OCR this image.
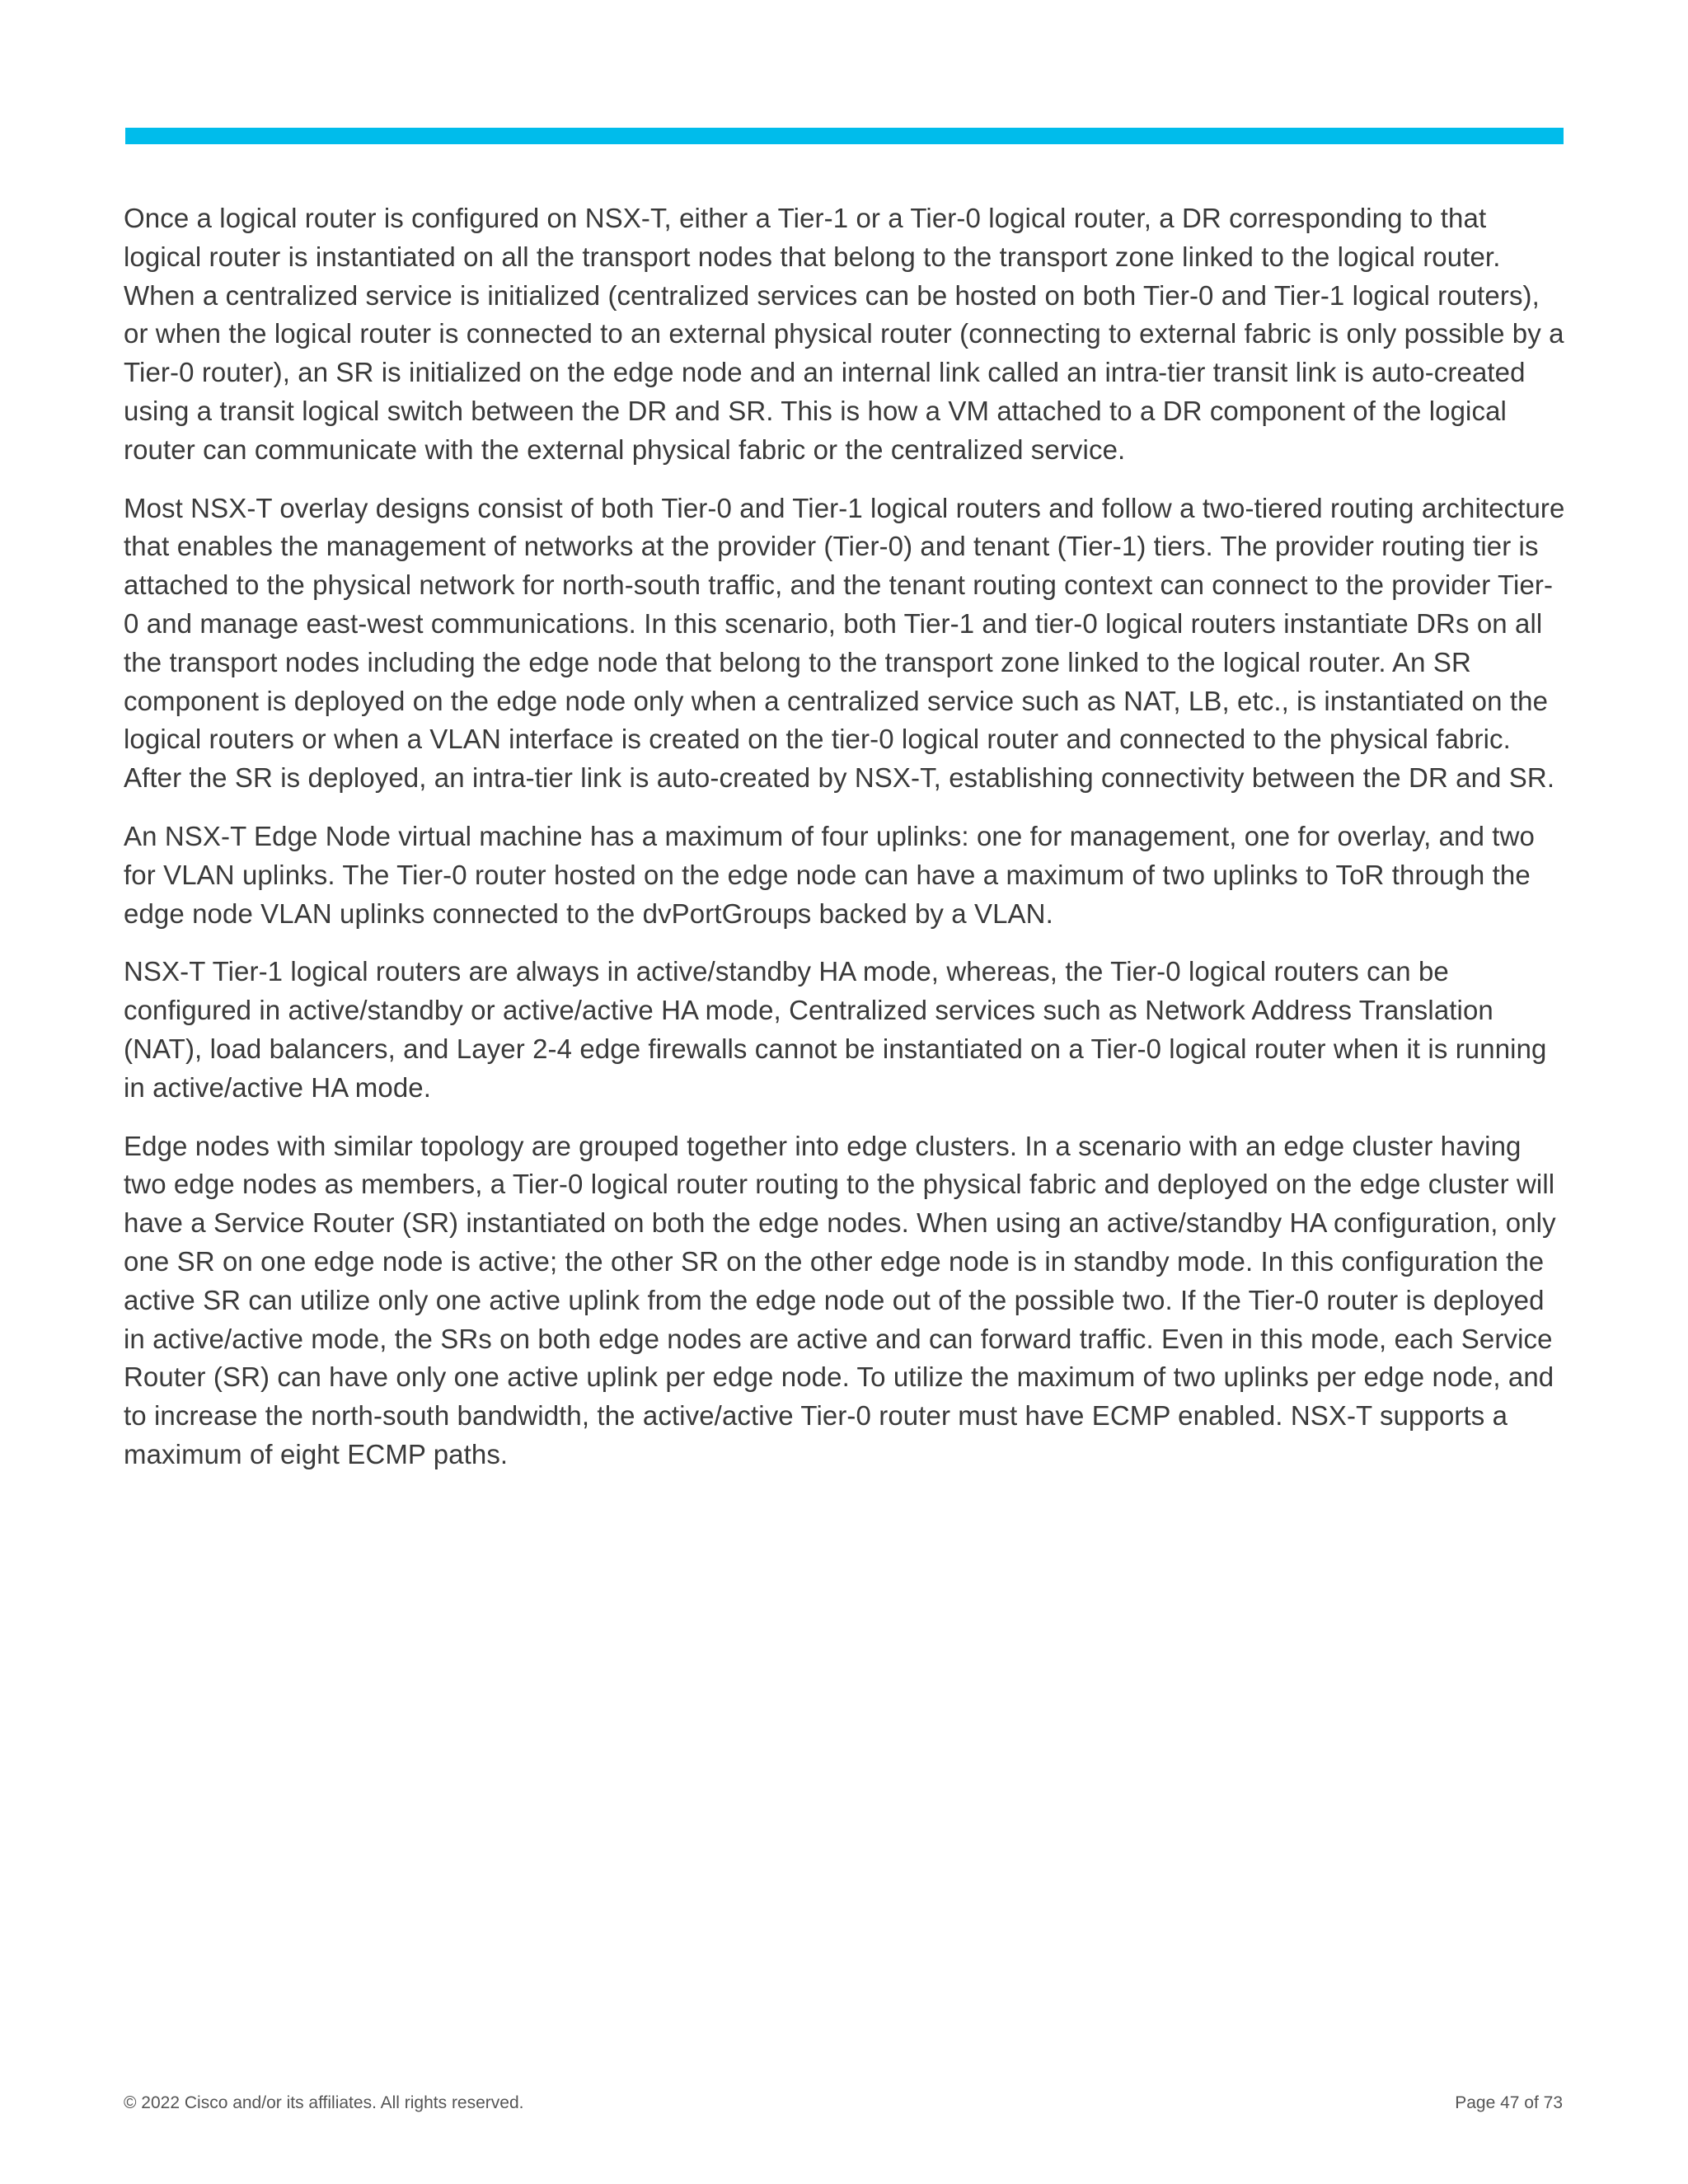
Once a logical router is configured on NSX-T, either a Tier-1 or a Tier-0 logical router, a DR corresponding to that logical router is instantiated on all the transport nodes that belong to the transport zone linked to the logical router. When a centralized service is initialized (centralized services can be hosted on both Tier-0 and Tier-1 logical routers), or when the logical router is connected to an external physical router (connecting to external fabric is only possible by a Tier-0 router), an SR is initialized on the edge node and an internal link called an intra-tier transit link is auto-created using a transit logical switch between the DR and SR. This is how a VM attached to a DR component of the logical router can communicate with the external physical fabric or the centralized service.

Most NSX-T overlay designs consist of both Tier-0 and Tier-1 logical routers and follow a two-tiered routing architecture that enables the management of networks at the provider (Tier-0) and tenant (Tier-1) tiers. The provider routing tier is attached to the physical network for north-south traffic, and the tenant routing context can connect to the provider Tier-0 and manage east-west communications. In this scenario, both Tier-1 and tier-0 logical routers instantiate DRs on all the transport nodes including the edge node that belong to the transport zone linked to the logical router. An SR component is deployed on the edge node only when a centralized service such as NAT, LB, etc., is instantiated on the logical routers or when a VLAN interface is created on the tier-0 logical router and connected to the physical fabric. After the SR is deployed, an intra-tier link is auto-created by NSX-T, establishing connectivity between the DR and SR.

An NSX-T Edge Node virtual machine has a maximum of four uplinks: one for management, one for overlay, and two for VLAN uplinks. The Tier-0 router hosted on the edge node can have a maximum of two uplinks to ToR through the edge node VLAN uplinks connected to the dvPortGroups backed by a VLAN.

NSX-T Tier-1 logical routers are always in active/standby HA mode, whereas, the Tier-0 logical routers can be configured in active/standby or active/active HA mode, Centralized services such as Network Address Translation (NAT), load balancers, and Layer 2-4 edge firewalls cannot be instantiated on a Tier-0 logical router when it is running in active/active HA mode.

Edge nodes with similar topology are grouped together into edge clusters. In a scenario with an edge cluster having two edge nodes as members, a Tier-0 logical router routing to the physical fabric and deployed on the edge cluster will have a Service Router (SR) instantiated on both the edge nodes. When using an active/standby HA configuration, only one SR on one edge node is active; the other SR on the other edge node is in standby mode. In this configuration the active SR can utilize only one active uplink from the edge node out of the possible two. If the Tier-0 router is deployed in active/active mode, the SRs on both edge nodes are active and can forward traffic. Even in this mode, each Service Router (SR) can have only one active uplink per edge node. To utilize the maximum of two uplinks per edge node, and to increase the north-south bandwidth, the active/active Tier-0 router must have ECMP enabled. NSX-T supports a maximum of eight ECMP paths.

© 2022 Cisco and/or its affiliates. All rights reserved.	Page 47 of 73
